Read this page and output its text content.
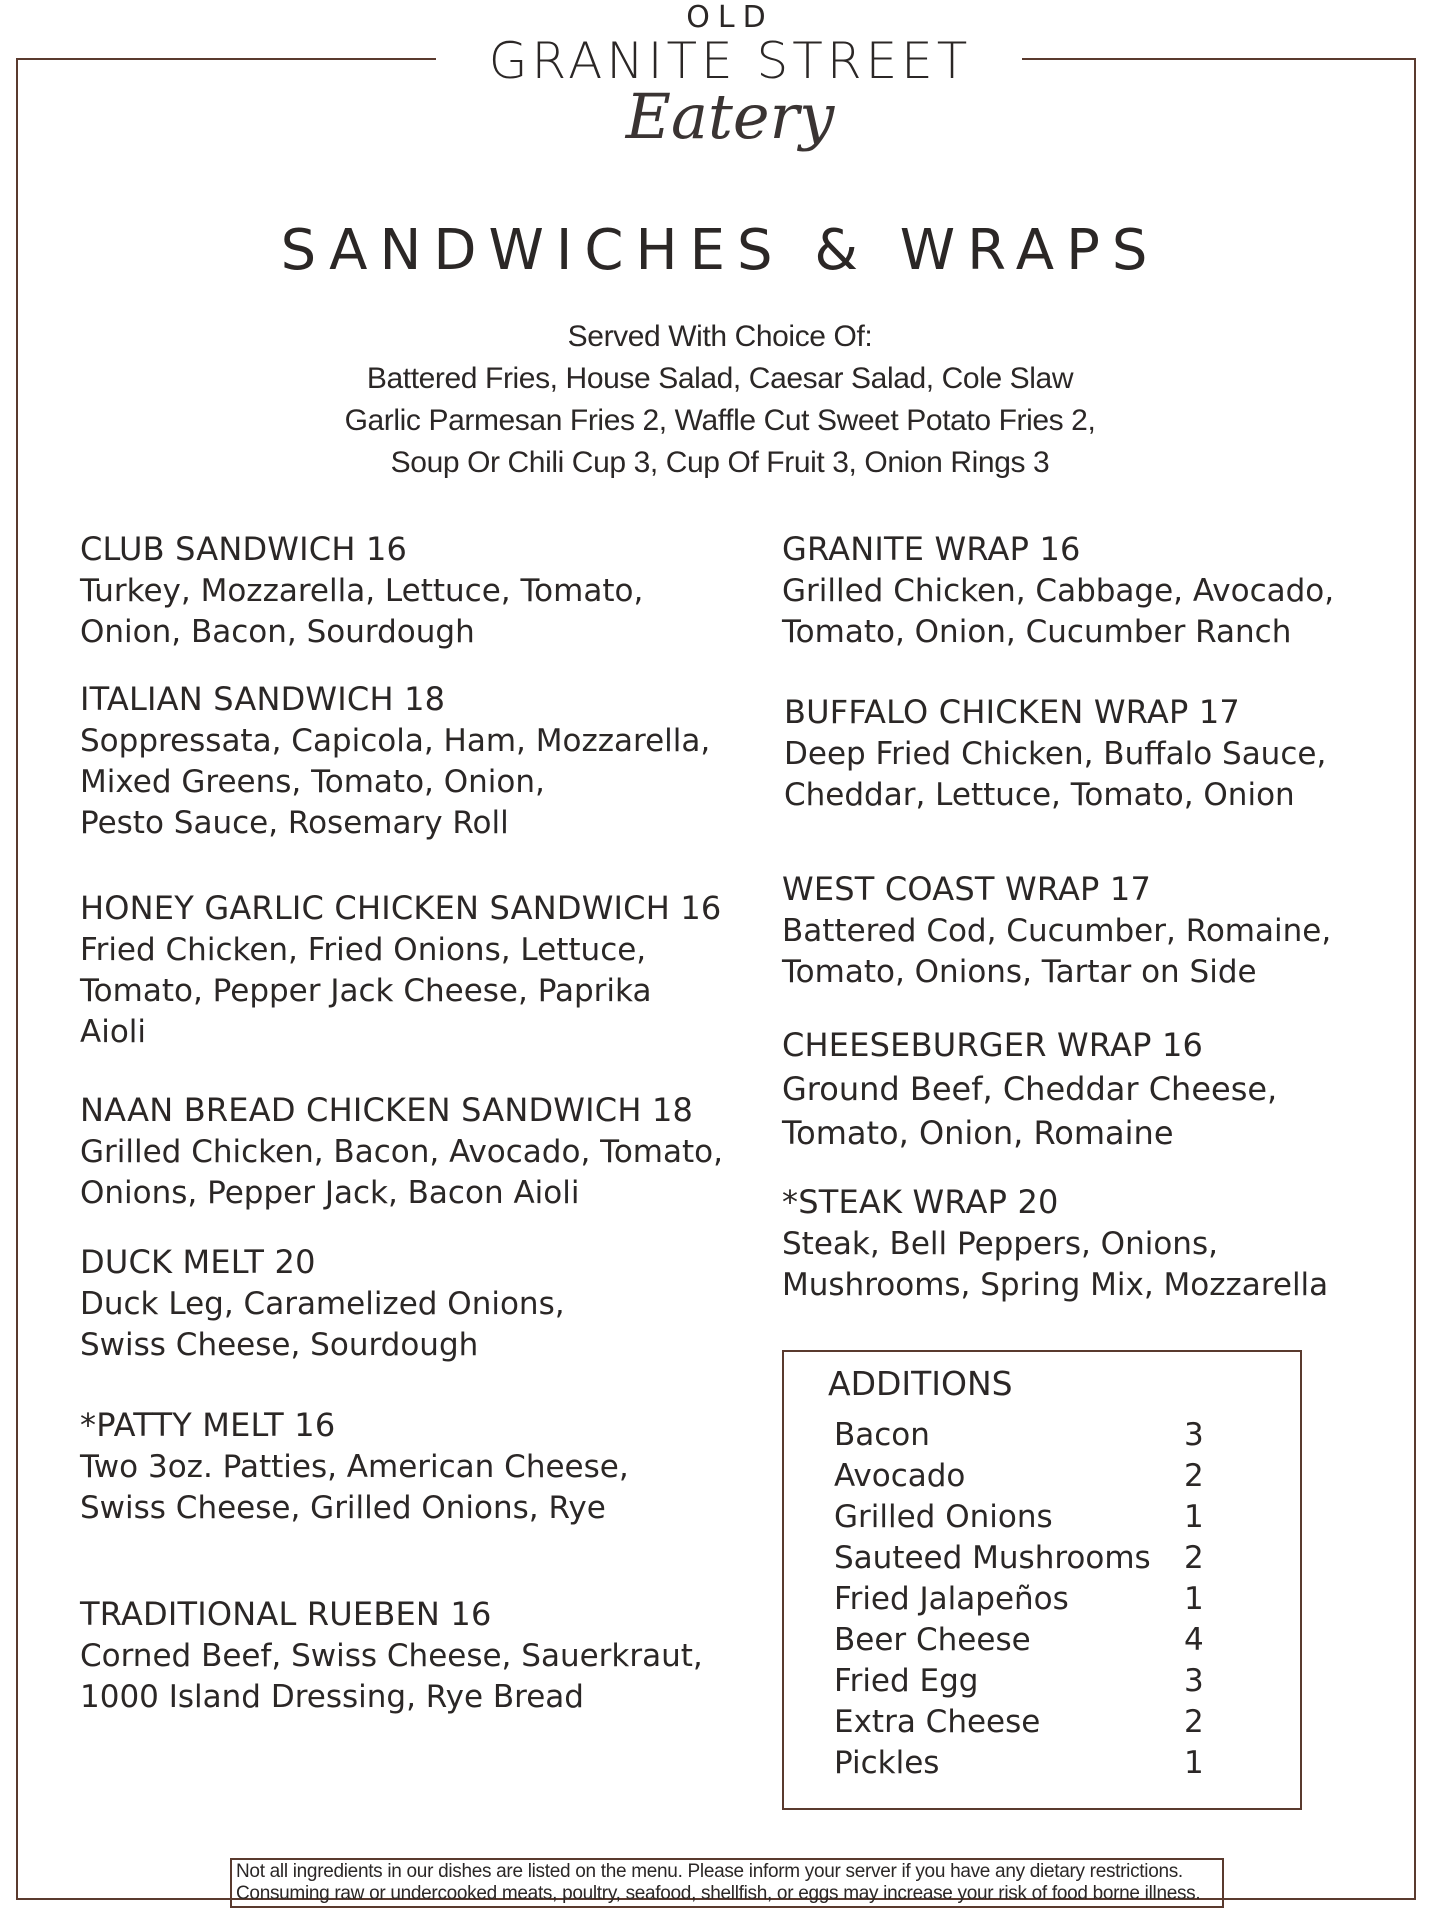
OLD
GRANITE STREET
Eatery
SANDWICHES & WRAPS
Served With Choice Of:
Battered Fries, House Salad, Caesar Salad, Cole Slaw
Garlic Parmesan Fries 2, Waffle Cut Sweet Potato Fries 2,
Soup Or Chili Cup 3, Cup Of Fruit 3, Onion Rings 3
CLUB SANDWICH 16
Turkey, Mozzarella, Lettuce, Tomato,
Onion, Bacon, Sourdough
ITALIAN SANDWICH 18
Soppressata, Capicola, Ham, Mozzarella,
Mixed Greens, Tomato, Onion,
Pesto Sauce, Rosemary Roll
HONEY GARLIC CHICKEN SANDWICH 16
Fried Chicken, Fried Onions, Lettuce,
Tomato, Pepper Jack Cheese, Paprika
Aioli
NAAN BREAD CHICKEN SANDWICH 18
Grilled Chicken, Bacon, Avocado, Tomato,
Onions, Pepper Jack, Bacon Aioli
DUCK MELT 20
Duck Leg, Caramelized Onions,
Swiss Cheese, Sourdough
*PATTY MELT 16
Two 3oz. Patties, American Cheese,
Swiss Cheese, Grilled Onions, Rye
TRADITIONAL RUEBEN 16
Corned Beef, Swiss Cheese, Sauerkraut,
1000 Island Dressing, Rye Bread
GRANITE WRAP 16
Grilled Chicken, Cabbage, Avocado,
Tomato, Onion, Cucumber Ranch
BUFFALO CHICKEN WRAP 17
Deep Fried Chicken, Buffalo Sauce,
Cheddar, Lettuce, Tomato, Onion
WEST COAST WRAP 17
Battered Cod, Cucumber, Romaine,
Tomato, Onions, Tartar on Side
CHEESEBURGER WRAP 16
Ground Beef, Cheddar Cheese,
Tomato, Onion, Romaine
*STEAK WRAP 20
Steak, Bell Peppers, Onions,
Mushrooms, Spring Mix, Mozzarella
ADDITIONS
Bacon	3
Avocado	2
Grilled Onions	1
Sauteed Mushrooms 2
Fried Jalapeños	1
Beer Cheese	4
Fried Egg	3
Extra Cheese	2
Pickles	1
Not all ingredients in our dishes are listed on the menu. Please inform your server if you have any dietary restrictions.
Consuming raw or undercooked meats, poultry, seafood, shellfish, or eggs may increase your risk of food borne illness.
